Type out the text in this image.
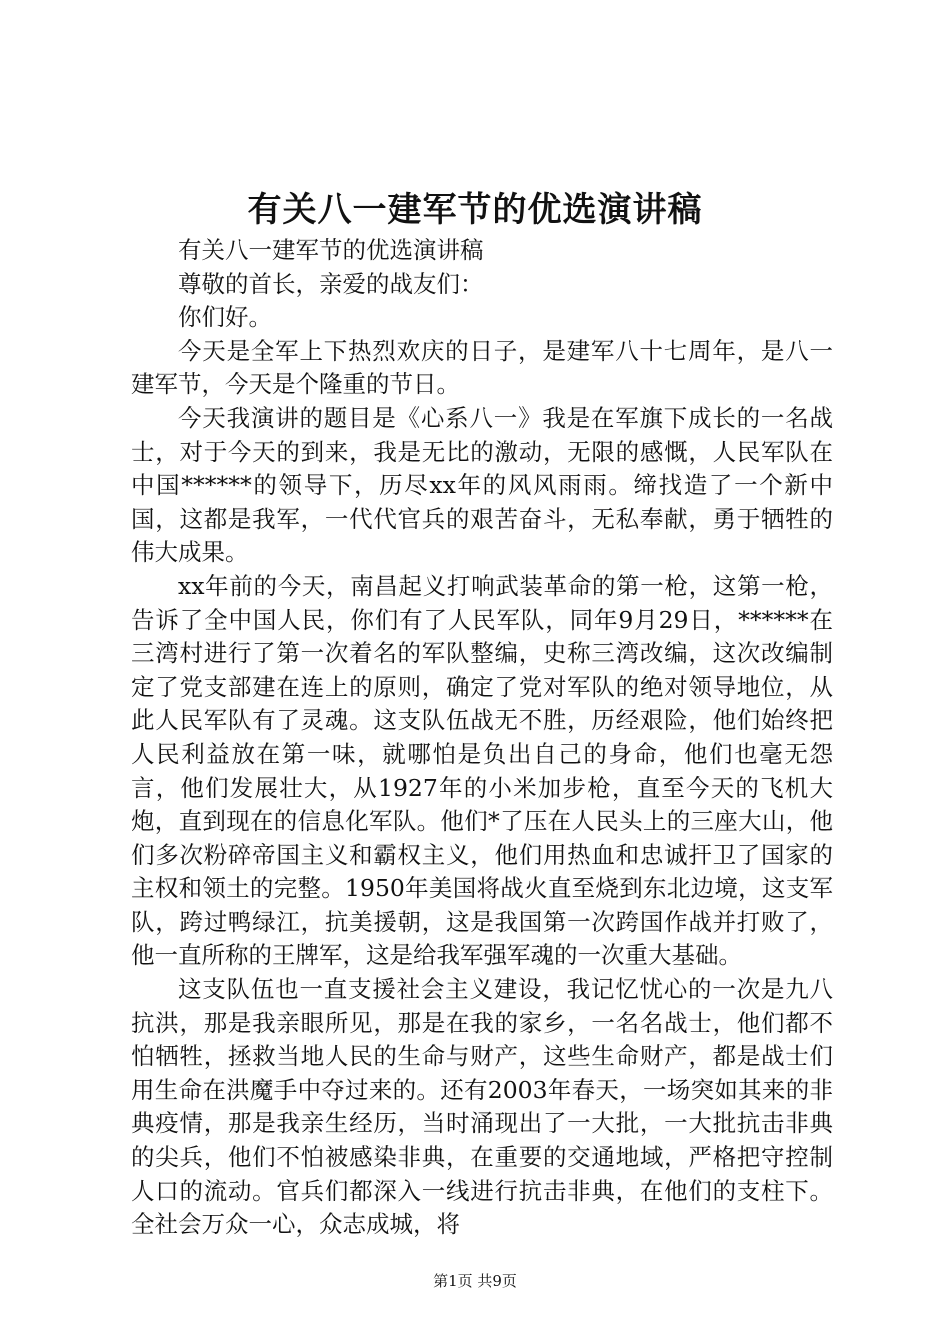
有关八一建军节的优选演讲稿

有关八一建军节的优选演讲稿

尊敬的首长，亲爱的战友们：

你们好。

今天是全军上下热烈欢庆的日子，是建军八十七周年，是八一建军节，今天是个隆重的节日。

今天我演讲的题目是《心系八一》我是在军旗下成长的一名战士，对于今天的到来，我是无比的激动，无限的感慨，人民军队在中国******的领导下，历尽xx年的风风雨雨。缔找造了一个新中国，这都是我军，一代代官兵的艰苦奋斗，无私奉献，勇于牺牲的伟大成果。

xx年前的今天，南昌起义打响武装革命的第一枪，这第一枪，告诉了全中国人民，你们有了人民军队，同年9月29日，******在三湾村进行了第一次着名的军队整编，史称三湾改编，这次改编制定了党支部建在连上的原则，确定了党对军队的绝对领导地位，从此人民军队有了灵魂。这支队伍战无不胜，历经艰险，他们始终把人民利益放在第一味，就哪怕是负出自己的身命，他们也毫无怨言，他们发展壮大，从1927年的小米加步枪，直至今天的飞机大炮，直到现在的信息化军队。他们*了压在人民头上的三座大山，他们多次粉碎帝国主义和霸权主义，他们用热血和忠诚扞卫了国家的主权和领土的完整。1950年美国将战火直至烧到东北边境，这支军队，跨过鸭绿江，抗美援朝，这是我国第一次跨国作战并打败了，他一直所称的王牌军，这是给我军强军魂的一次重大基础。

这支队伍也一直支援社会主义建设，我记忆忧心的一次是九八抗洪，那是我亲眼所见，那是在我的家乡，一名名战士，他们都不怕牺牲，拯救当地人民的生命与财产，这些生命财产，都是战士们用生命在洪魔手中夺过来的。还有2003年春天，一场突如其来的非典疫情，那是我亲生经历，当时涌现出了一大批，一大批抗击非典的尖兵，他们不怕被感染非典，在重要的交通地域，严格把守控制人口的流动。官兵们都深入一线进行抗击非典，在他们的支柱下。全社会万众一心，众志成城，将

第1页 共9页
